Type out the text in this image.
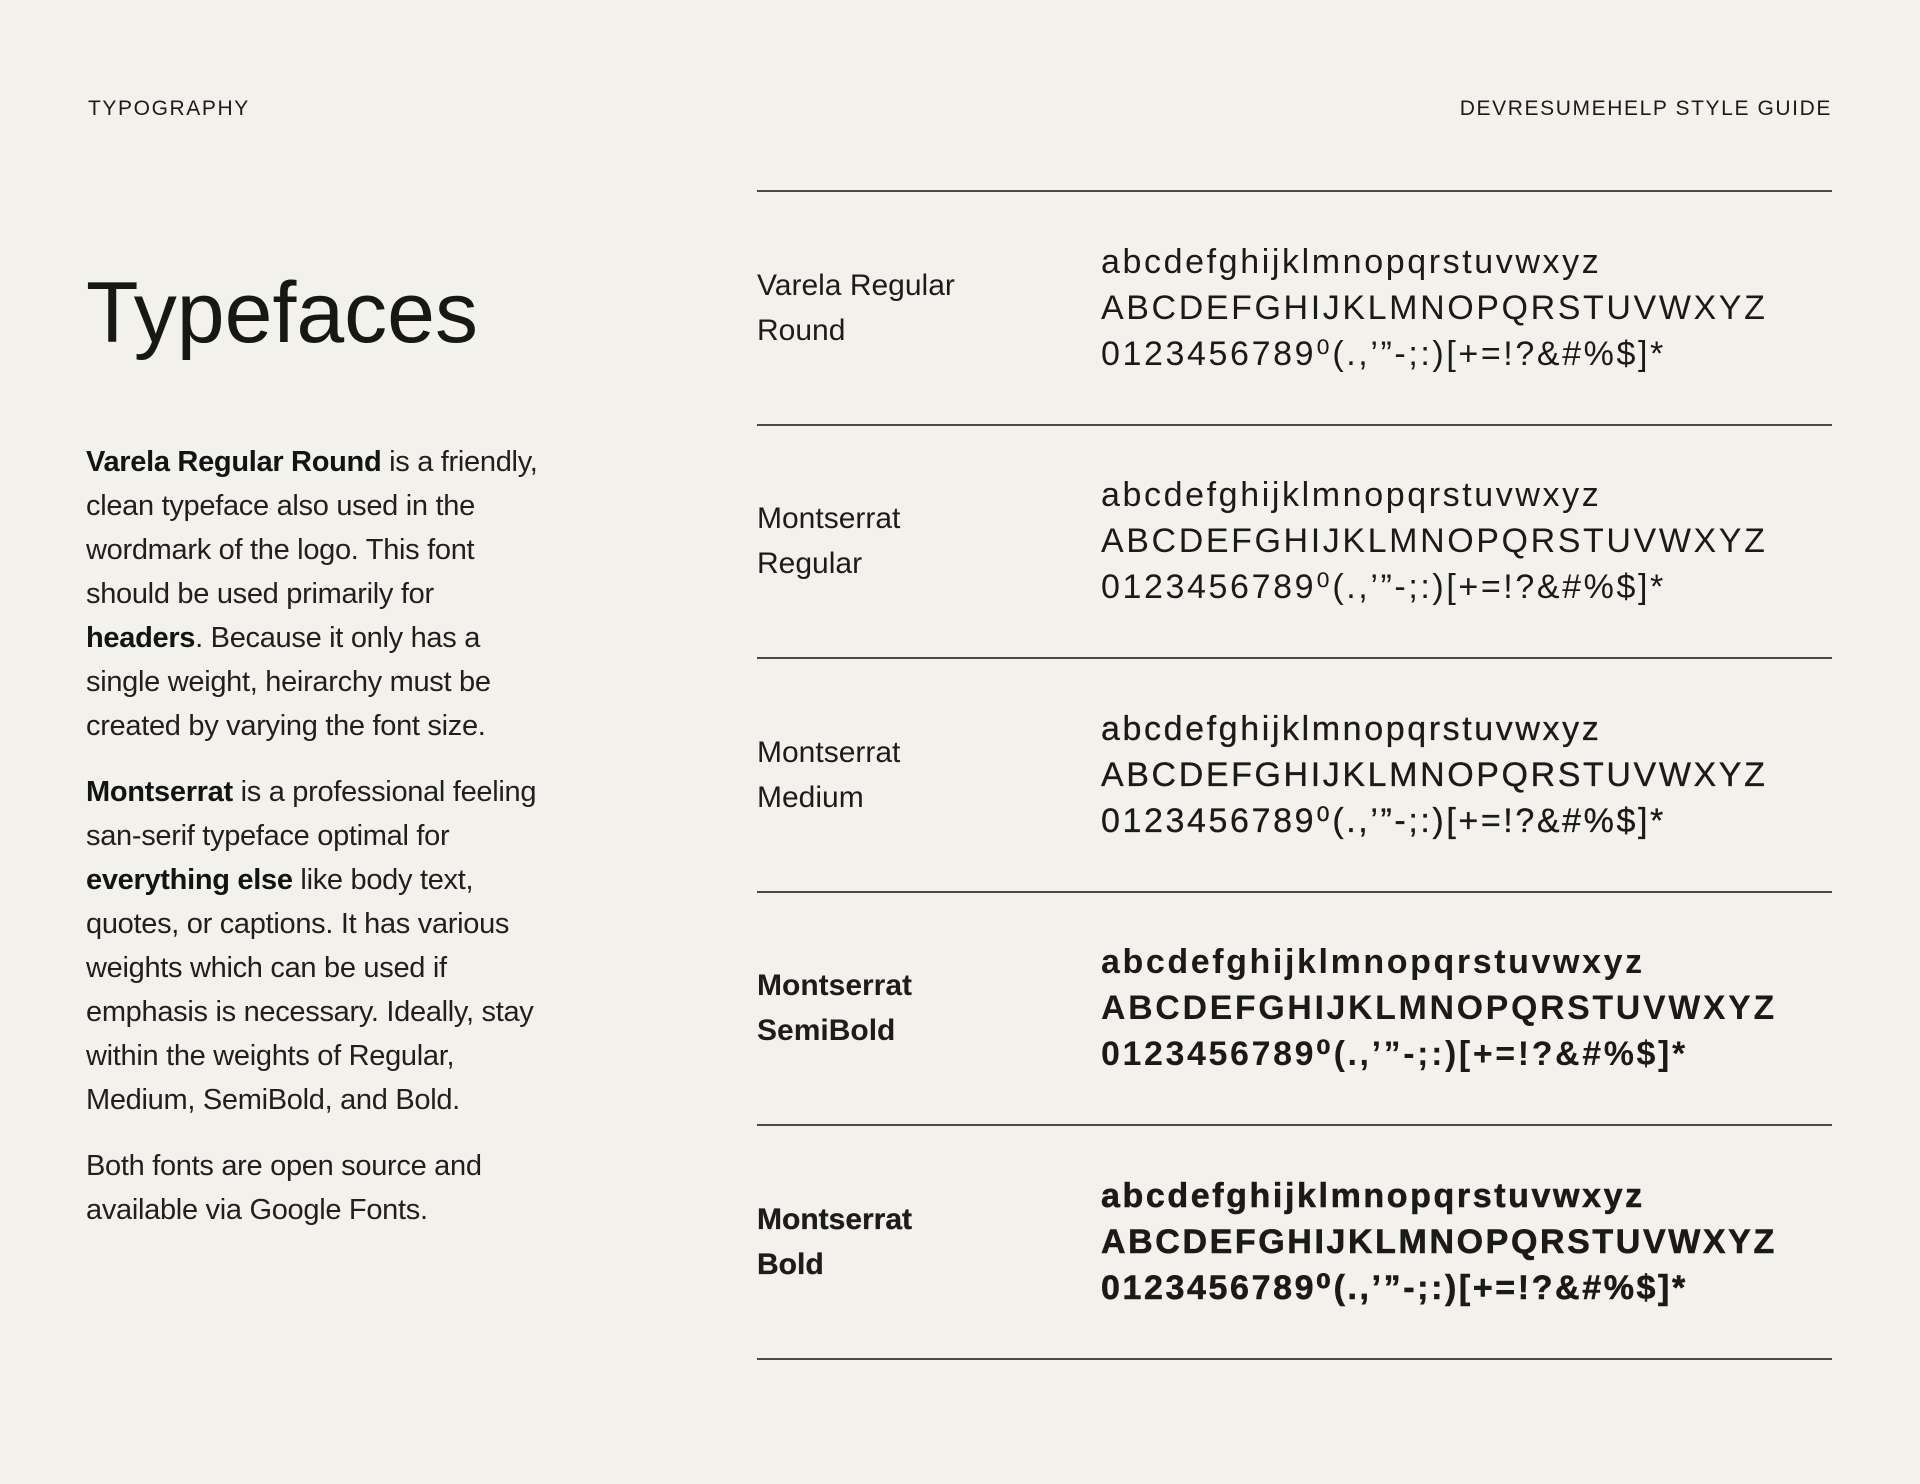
TYPOGRAPHY	DEVRESUMEHELP STYLE GUIDE
Typefaces

Varela Regular Round is a friendly, clean typeface also used in the wordmark of the logo. This font should be used primarily for headers. Because it only has a single weight, heirarchy must be created by varying the font size.

Montserrat is a professional feeling san-serif typeface optimal for everything else like body text, quotes, or captions. It has various weights which can be used if emphasis is necessary. Ideally, stay within the weights of Regular, Medium, SemiBold, and Bold.

Both fonts are open source and available via Google Fonts.

Varela Regular
Round
abcdefghijklmnopqrstuvwxyz
ABCDEFGHIJKLMNOPQRSTUVWXYZ
0123456789⁰(.,’”-;:)[+=!?&#%$]*
Montserrat
Regular
abcdefghijklmnopqrstuvwxyz
ABCDEFGHIJKLMNOPQRSTUVWXYZ
0123456789⁰(.,’”-;:)[+=!?&#%$]*
Montserrat
Medium
abcdefghijklmnopqrstuvwxyz
ABCDEFGHIJKLMNOPQRSTUVWXYZ
0123456789⁰(.,’”-;:)[+=!?&#%$]*
Montserrat
SemiBold
abcdefghijklmnopqrstuvwxyz
ABCDEFGHIJKLMNOPQRSTUVWXYZ
0123456789⁰(.,’”-;:)[+=!?&#%$]*
Montserrat
Bold
abcdefghijklmnopqrstuvwxyz
ABCDEFGHIJKLMNOPQRSTUVWXYZ
0123456789⁰(.,’”-;:)[+=!?&#%$]*
